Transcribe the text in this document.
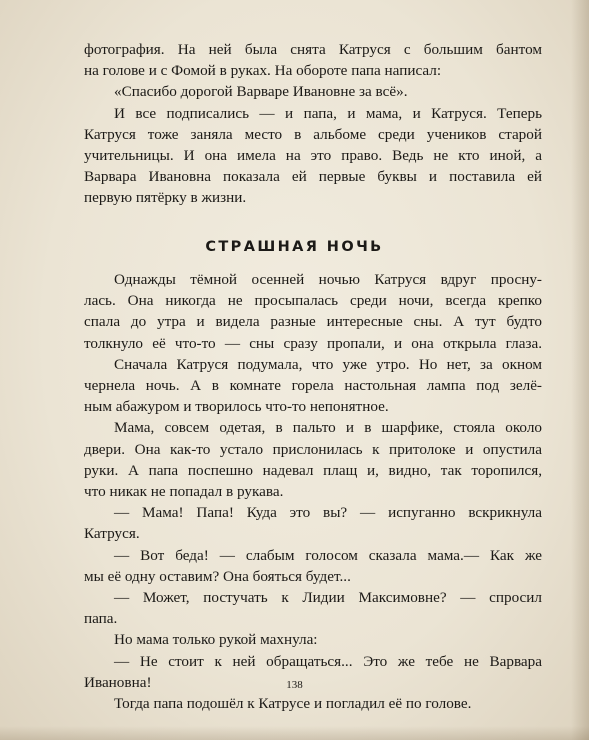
фотография. На ней была снята Катруся с большим бантом
на голове и с Фомой в руках. На обороте папа написал:
«Спасибо дорогой Варваре Ивановне за всё».
И все подписались — и папа, и мама, и Катруся. Теперь
Катруся тоже заняла место в альбоме среди учеников старой
учительницы. И она имела на это право. Ведь не кто иной, а
Варвара Ивановна показала ей первые буквы и поставила ей
первую пятёрку в жизни.
СТРАШНАЯ НОЧЬ
Однажды тёмной осенней ночью Катруся вдруг просну-
лась. Она никогда не просыпалась среди ночи, всегда крепко
спала до утра и видела разные интересные сны. А тут будто
толкнуло её что-то — сны сразу пропали, и она открыла глаза.
Сначала Катруся подумала, что уже утро. Но нет, за окном
чернела ночь. А в комнате горела настольная лампа под зелё-
ным абажуром и творилось что-то непонятное.
Мама, совсем одетая, в пальто и в шарфике, стояла около
двери. Она как-то устало прислонилась к притолоке и опустила
руки. А папа поспешно надевал плащ и, видно, так торопился,
что никак не попадал в рукава.
— Мама! Папа! Куда это вы? — испуганно вскрикнула
Катруся.
— Вот беда! — слабым голосом сказала мама.— Как же
мы её одну оставим? Она бояться будет...
— Может, постучать к Лидии Максимовне? — спросил
папа.
Но мама только рукой махнула:
— Не стоит к ней обращаться... Это же тебе не Варвара
Ивановна!
Тогда папа подошёл к Катрусе и погладил её по голове.
138
